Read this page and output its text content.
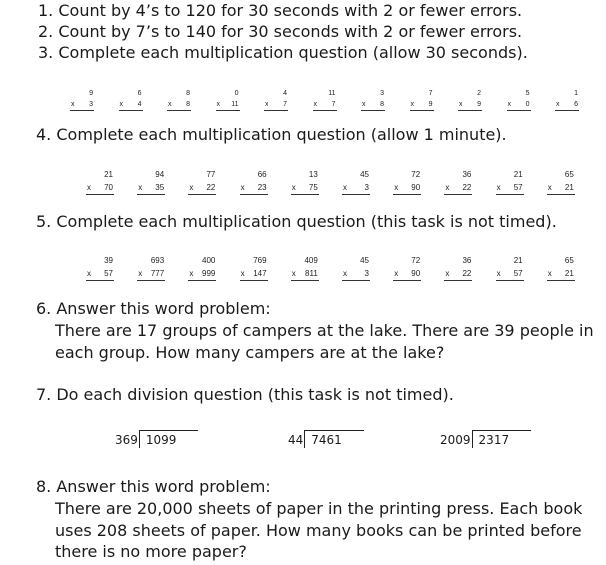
1. Count by 4’s to 120 for 30 seconds with 2 or fewer errors.
2. Count by 7’s to 140 for 30 seconds with 2 or fewer errors.
3. Complete each multiplication question (allow 30 seconds).
9
x 3
6
x 4
8
x 8
0
x 11
4
x 7
11
x 7
3
x 8
7
x 9
2
x 9
5
x 0
1
x 6
4. Complete each multiplication question (allow 1 minute).
21
x 70
94
x 35
77
x 22
66
x 23
13
x 75
45
x 3
72
x 90
36
x 22
21
x 57
65
x 21
5. Complete each multiplication question (this task is not timed).
39
x 57
693
x 777
400
x 999
769
x 147
409
x 811
45
x 3
72
x 90
36
x 22
21
x 57
65
x 21
6. Answer this word problem:
There are 17 groups of campers at the lake. There are 39 people in
each group. How many campers are at the lake?
7. Do each division question (this task is not timed).
369 1099	44 7461	2009 2317
8. Answer this word problem:
There are 20,000 sheets of paper in the printing press. Each book
uses 208 sheets of paper. How many books can be printed before
there is no more paper?
